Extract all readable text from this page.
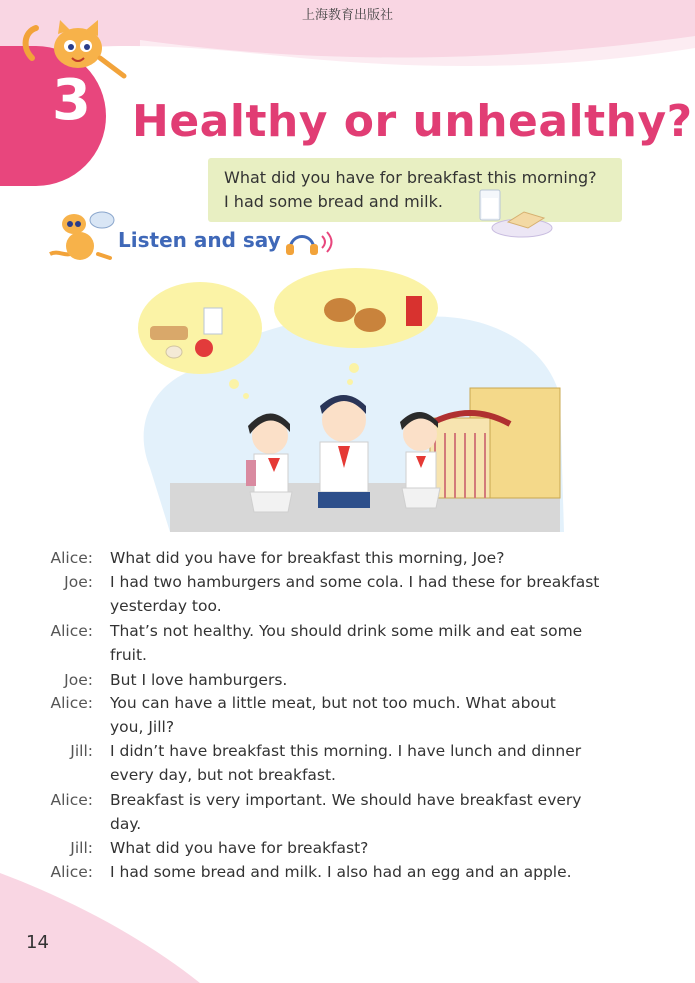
上海教育出版社
3 Healthy or unhealthy?
What did you have for breakfast this morning?
I had some bread and milk.
Listen and say
Alice: What did you have for breakfast this morning, Joe?
Joe: I had two hamburgers and some cola. I had these for breakfast
yesterday too.
Alice: That’s not healthy. You should drink some milk and eat some
fruit.
Joe: But I love hamburgers.
Alice: You can have a little meat, but not too much. What about
you, Jill?
Jill: I didn’t have breakfast this morning. I have lunch and dinner
every day, but not breakfast.
Alice: Breakfast is very important. We should have breakfast every
day.
Jill: What did you have for breakfast?
Alice: I had some bread and milk. I also had an egg and an apple.
14
